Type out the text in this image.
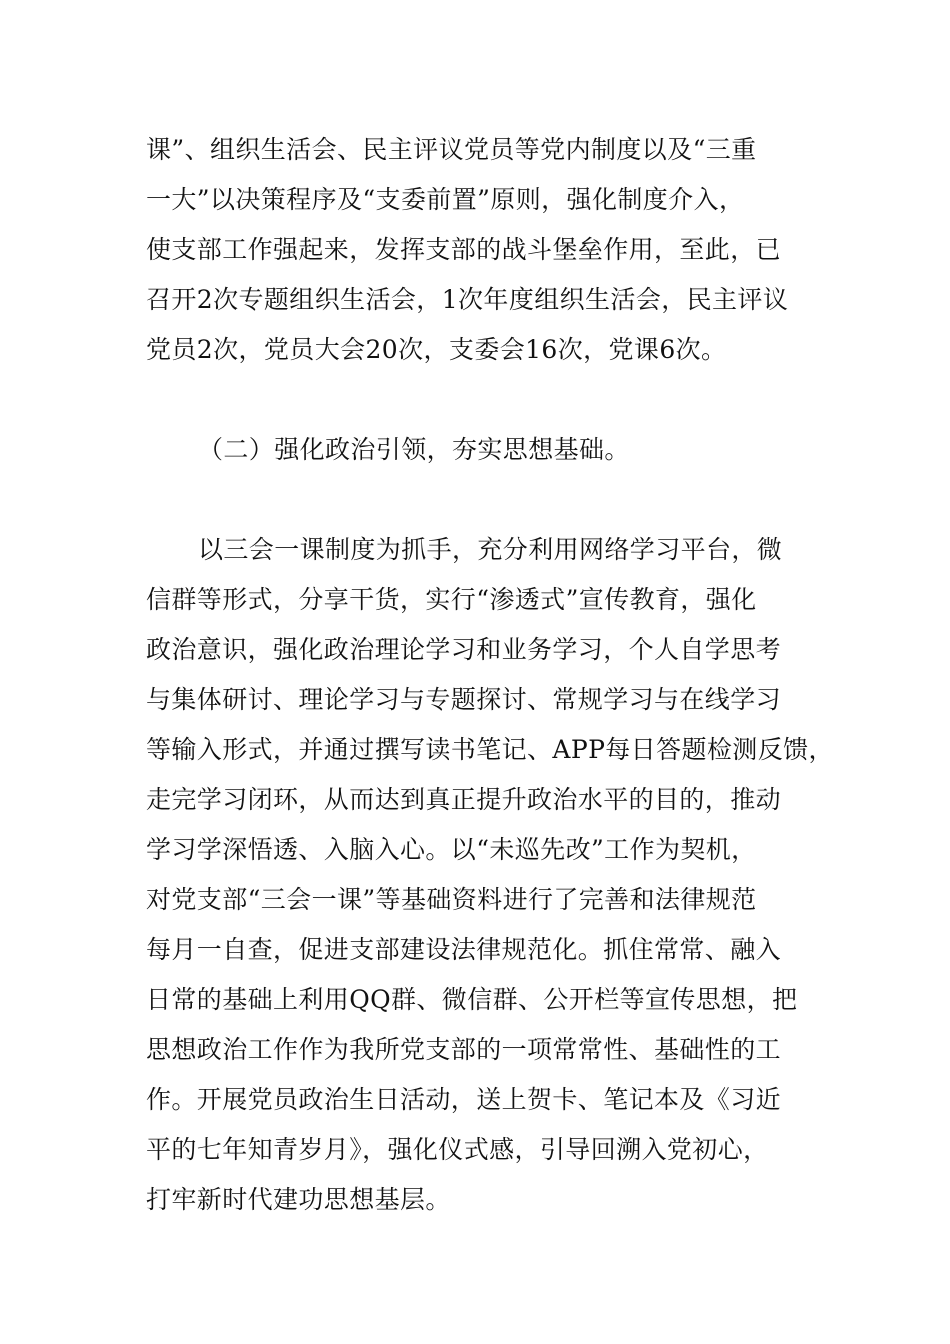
课”、组织生活会、民主评议党员等党内制度以及“三重
一大”以决策程序及“支委前置”原则，强化制度介入，
使支部工作强起来，发挥支部的战斗堡垒作用，至此，已
召开2次专题组织生活会，1次年度组织生活会，民主评议
党员2次，党员大会20次，支委会16次，党课6次。
（二）强化政治引领，夯实思想基础。
以三会一课制度为抓手，充分利用网络学习平台，微
信群等形式，分享干货，实行“渗透式”宣传教育，强化
政治意识，强化政治理论学习和业务学习，个人自学思考
与集体研讨、理论学习与专题探讨、常规学习与在线学习
等输入形式，并通过撰写读书笔记、APP每日答题检测反馈，
走完学习闭环，从而达到真正提升政治水平的目的，推动
学习学深悟透、入脑入心。以“未巡先改”工作为契机，
对党支部“三会一课”等基础资料进行了完善和法律规范
每月一自查，促进支部建设法律规范化。抓住常常、融入
日常的基础上利用QQ群、微信群、公开栏等宣传思想，把
思想政治工作作为我所党支部的一项常常性、基础性的工
作。开展党员政治生日活动，送上贺卡、笔记本及《习近
平的七年知青岁月》，强化仪式感，引导回溯入党初心，
打牢新时代建功思想基层。
